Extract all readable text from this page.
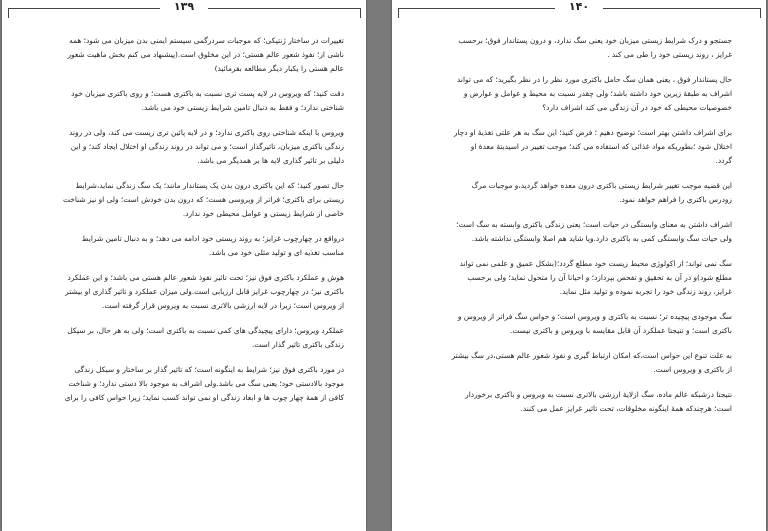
۱۳۹
تغییرات در ساختار ژنتیکی؛ که موجبات سردرگمی سیستم ایمنی بدن میزبان می شود؛ همه
ناشی از؛ نفوذ شعور عالم هستی؛ در این مخلوق است.(پیشنهاد می کنم بخش ماهیت شعور
عالم هستی را یکبار دیگر مطالعه بفرمائید)
دقت کنید؛ که ویروس در لایه پست تری نسبت به باکتری هست؛ و روی باکتری میزبان خود
شناختی ندارد؛ و فقط به دنبال تامین شرایط زیستی خود می باشد.
ویروس با اینکه شناختی روی باکتری ندارد؛ و در لایه پائین تری زیست می کند، ولی در روند
زندگی باکتری میزبان، تاثیرگذار است؛ و می تواند در روند زندگی او اختلال ایجاد کند؛ و این
دلیلی بر تاثیر گذاری لایه ها بر همدیگر می باشد.
حال تصور کنید؛ که این باکتری درون بدن یک پستاندار مانند؛ یک سگ زندگی نماید،شرایط
زیستی برای باکتری؛ فراتر از ویروسی هست؛ که درون بدن خودش است؛ ولی او نیز شناخت
خاصی از شرایط زیستی و عوامل محیطی خود ندارد.
درواقع در چهارچوب غرایز؛ به روند زیستی خود ادامه می دهد؛ و به دنبال تامین شرایط
مناسب تغذیه ای و تولید مثلی خود می باشد.
هوش و عملکرد باکتری فوق نیز؛ تحت تاثیر نفوذ شعور عالم هستی می باشد؛ و این عملکرد
باکتری نیز؛ در چهارچوب غرایز قابل ارزیابی است.ولی میزان عملکرد و تاثیر گذاری او بیشتر
از ویروس است؛ زیرا در لایه ارزشی بالاتری نسبت به ویروس قرار گرفته است.
عملکرد ویروس؛ دارای پیچیدگی های کمی نسبت به باکتری است؛ ولی به هر حال، بر سیکل
زندگی باکتری تاثیر گذار است.
در مورد باکتری فوق نیز؛ شرایط به اینگونه است؛ که تاثیر گذار بر ساختار و سیکل زندگی
موجود بالادستی خود؛ یعنی سگ می باشد.ولی اشراف به موجود بالا دستی ندارد؛ و شناخت
کافی از همهٔ چهار چوب ها و ابعاد زندگی او نمی تواند کسب نماید؛ زیرا حواس کافی را برای
۱۴۰
جستجو و درک شرایط زیستی میزبان خود یعنی سگ ندارد، و درون پستاندار فوق؛ برحسب
غرایز ، روند زیستی خود را طی می کند .
حال پستاندار فوق ، یعنی همان سگ حامل باکتری مورد نظر را در نظر بگیرید؛ که می تواند
اشراف به طبقهٔ زیرین خود داشته باشد؛ ولی چقدر نسبت به محیط و عوامل و عوارض و
خصوصیات محیطی که خود در آن زندگی می کند اشراف دارد؟
برای اشراف داشتن بهتر است؛ توضیح دهیم ؛ فرض کنید؛ این سگ به هر علتی تغذیهٔ او دچار
اختلال شود ؛بطوریکه مواد غذائی که استفاده می کند؛ موجب تغییر در اسیدیتهٔ معدهٔ او
گردد.
این قضیه موجب تغییر شرایط زیستی باکتری درون معده خواهد گردید،و موجبات مرگ
زودرس باکتری را فراهم خواهد نمود.
اشراف داشتن به معنای وابستگی در حیات است؛ یعنی زندگی باکتری وابسته به سگ است؛
ولی حیات سگ وابستگی کمی به باکتری دارد.ویا شاید هم اصلا وابستگی نداشته باشد.
سگ نمی تواند؛ از اکولوژی محیط زیست خود مطلع گردد؛(بشکل عمیق و علمی نمی تواند
مطلع شود)و در آن به تحقیق و تفحص بپردازد؛ و احیانا آن را متحول نماید؛ ولی برحسب
غرایز، روند زندگی خود را تجربه نموده و تولید مثل نماید.
سگ موجودی پیچیده تر؛ نسبت به باکتری و ویروس است؛ و حواس سگ فراتر از ویروس و
باکتری است؛ و نتیجتا عملکرد آن قابل مقایسه با ویروس و باکتری نیست.
به علت تنوع این حواس است،که امکان ارتباط گیری و نفوذ شعور عالم هستی،در سگ بیشتر
از باکتری و ویروس است.
نتیجتا درشبکه عالم ماده، سگ ازلایهٔ ارزشی بالاتری نسبت به ویروس و باکتری برخوردار
است؛ هرچندکه همهٔ اینگونه مخلوقات، تحت تاثیر غرایز عمل می کنند.
